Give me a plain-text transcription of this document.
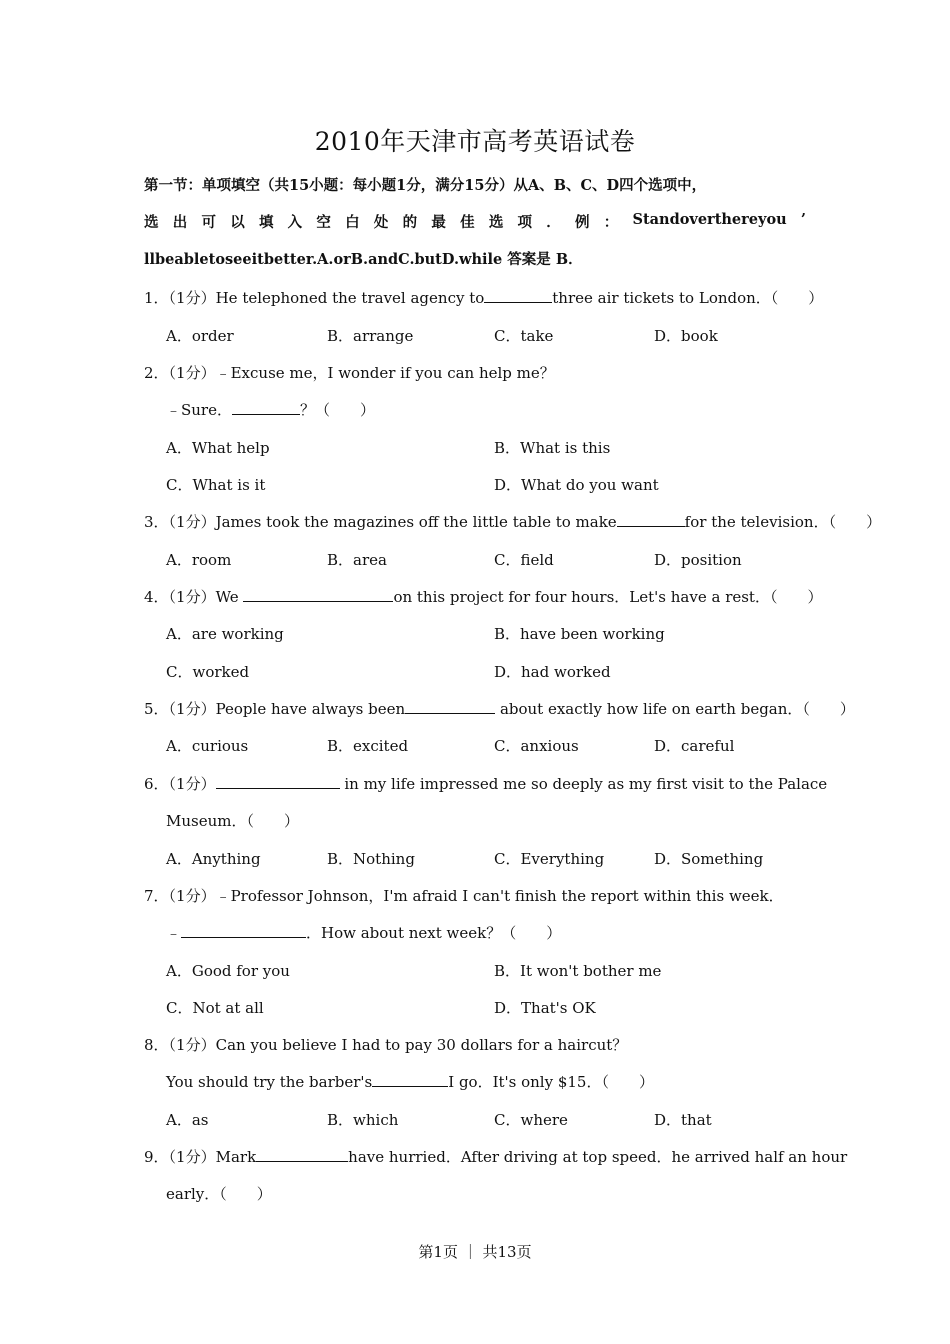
2010年天津市高考英语试卷
第一节：单项填空（共15小题：每小题1分，满分15分）从A、B、C、D四个选项中，
选 出 可 以 填 入 空 白 处 的 最 佳 选 项 ． 例 ： Standoverthereyou ’
llbeabletoseeitbetter.A.orB.andC.butD.while 答案是 B．
1．（1分）He telephoned the travel agency to	three air tickets to London．（　　）
A．order	B．arrange	C．take	D．book
2．（1分）﹣Excuse me，I wonder if you can help me？
﹣Sure．	？（　　）
A．What help	B．What is this
C．What is it	D．What do you want
3．（1分）James took the magazines off the little table to make	for the television．（　　）
A．room	B．area	C．field	D．position
4．（1分）We	on this project for four hours．Let's have a rest．（　　）
A．are working	B．have been working
C．worked	D．had worked
5．（1分）People have always been	about exactly how life on earth began．（　　）
A．curious	B．excited	C．anxious	D．careful
6．（1分）	in my life impressed me so deeply as my first visit to the Palace
Museum．（　　）
A．Anything	B．Nothing	C．Everything	D．Something
7．（1分）﹣Professor Johnson，I'm afraid I can't finish the report within this week．
﹣	．How about next week？（　　）
A．Good for you	B．It won't bother me
C．Not at all	D．That's OK
8．（1分）Can you believe I had to pay 30 dollars for a haircut？
You should try the barber's	I go．It's only $15．（　　）
A．as	B．which	C．where	D．that
9．（1分）Mark	have hurried．After driving at top speed．he arrived half an hour
early．（　　）
第1页 ｜ 共13页
